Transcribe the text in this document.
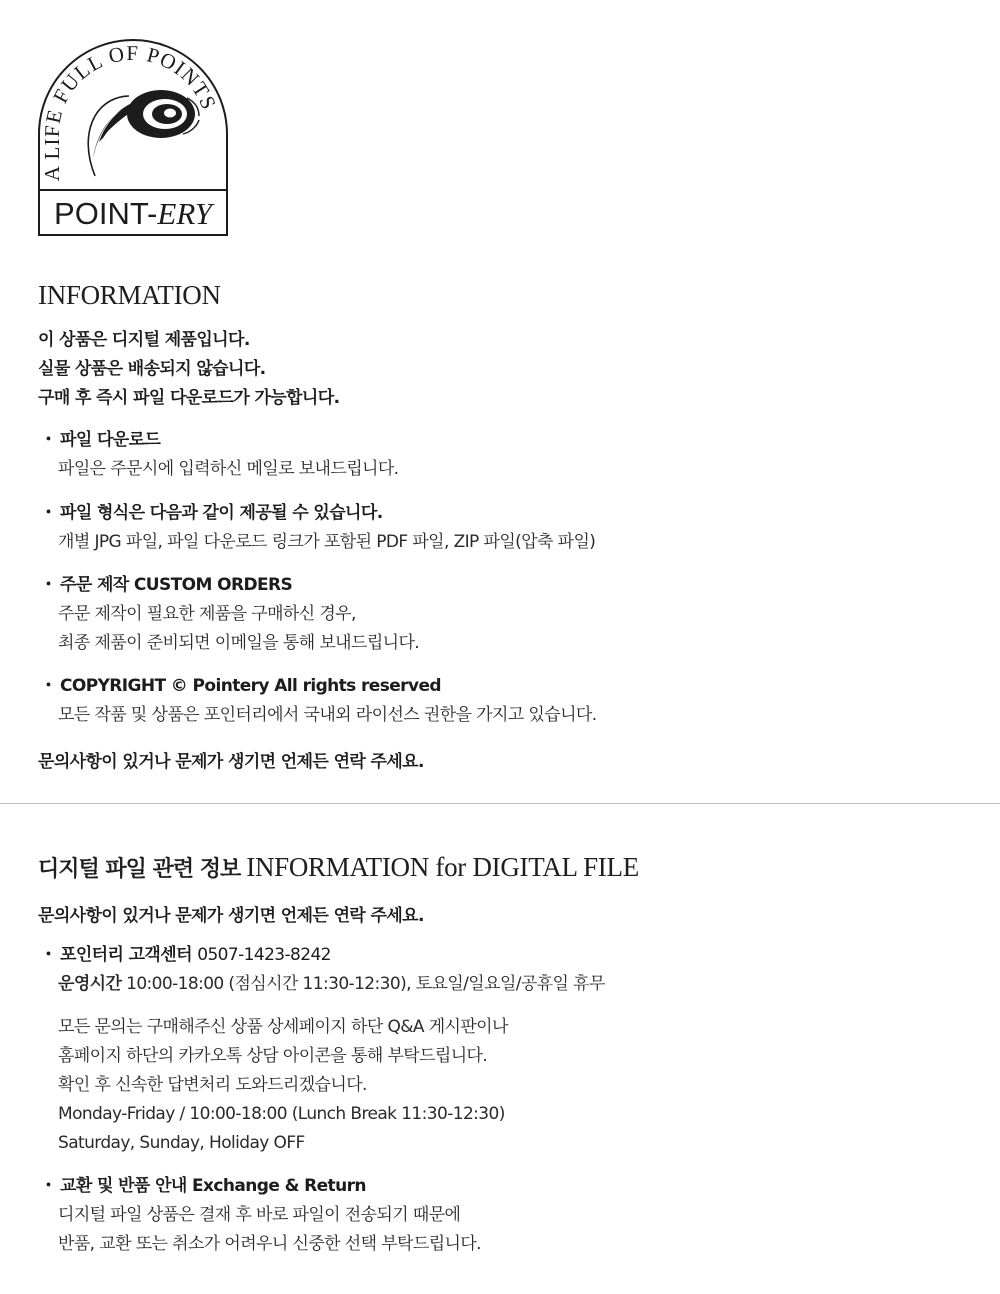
A LIFE FULL OF POINTS
POINT-ERY
INFORMATION
이 상품은 디지털 제품입니다.
실물 상품은 배송되지 않습니다.
구매 후 즉시 파일 다운로드가 가능합니다.
・ 파일 다운로드
파일은 주문시에 입력하신 메일로 보내드립니다.
・ 파일 형식은 다음과 같이 제공될 수 있습니다.
개별 JPG 파일, 파일 다운로드 링크가 포함된 PDF 파일, ZIP 파일(압축 파일)
・ 주문 제작 CUSTOM ORDERS
주문 제작이 필요한 제품을 구매하신 경우,
최종 제품이 준비되면 이메일을 통해 보내드립니다.
・ COPYRIGHT © Pointery All rights reserved
모든 작품 및 상품은 포인터리에서 국내외 라이선스 권한을 가지고 있습니다.
문의사항이 있거나 문제가 생기면 언제든 연락 주세요.
디지털 파일 관련 정보 INFORMATION for DIGITAL FILE
문의사항이 있거나 문제가 생기면 언제든 연락 주세요.
・ 포인터리 고객센터 0507-1423-8242
운영시간 10:00-18:00 (점심시간 11:30-12:30), 토요일/일요일/공휴일 휴무
모든 문의는 구매해주신 상품 상세페이지 하단 Q&A 게시판이나
홈페이지 하단의 카카오톡 상담 아이콘을 통해 부탁드립니다.
확인 후 신속한 답변처리 도와드리겠습니다.
Monday-Friday / 10:00-18:00 (Lunch Break 11:30-12:30)
Saturday, Sunday, Holiday OFF
・ 교환 및 반품 안내 Exchange & Return
디지털 파일 상품은 결재 후 바로 파일이 전송되기 때문에
반품, 교환 또는 취소가 어려우니 신중한 선택 부탁드립니다.
